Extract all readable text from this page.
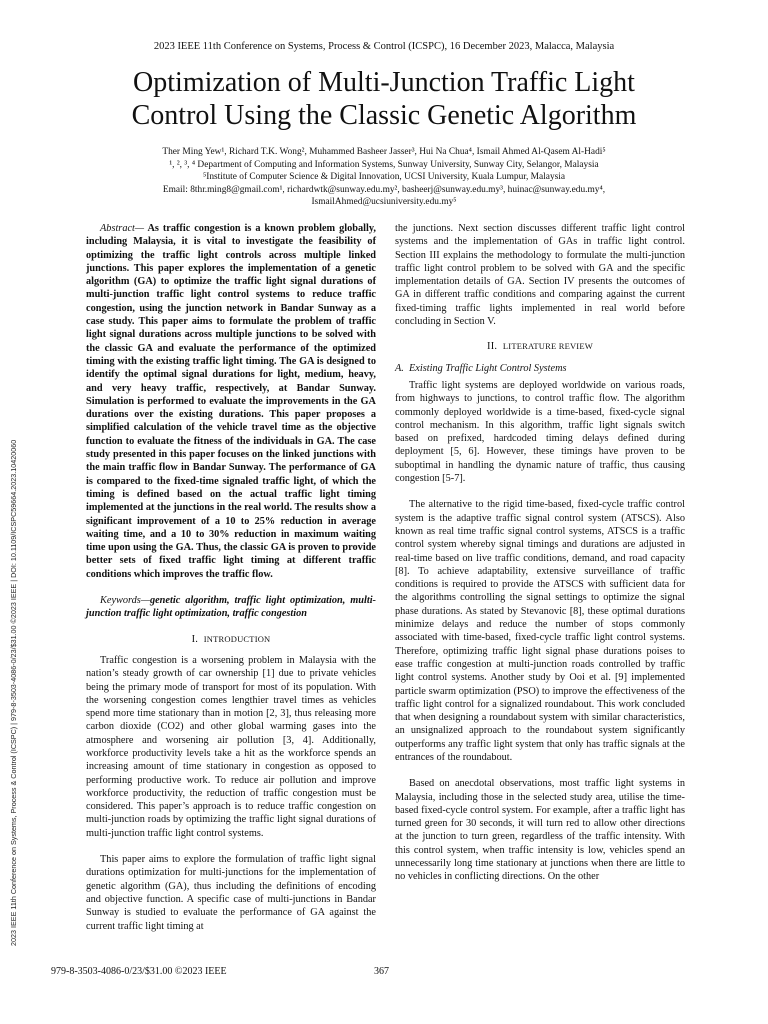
2023 IEEE 11th Conference on Systems, Process & Control (ICSPC), 16 December 2023, Malacca, Malaysia
Optimization of Multi-Junction Traffic Light
Control Using the Classic Genetic Algorithm
Ther Ming Yew¹, Richard T.K. Wong², Muhammed Basheer Jasser³, Hui Na Chua⁴, Ismail Ahmed Al-Qasem Al-Hadi⁵
¹, ², ³, ⁴ Department of Computing and Information Systems, Sunway University, Sunway City, Selangor, Malaysia
⁵Institute of Computer Science & Digital Innovation, UCSI University, Kuala Lumpur, Malaysia
Email: 8thr.ming8@gmail.com¹, richardwtk@sunway.edu.my², basheerj@sunway.edu.my³, huinac@sunway.edu.my⁴,
IsmailAhmed@ucsiuniversity.edu.my⁵
2023 IEEE 11th Conference on Systems, Process & Control (ICSPC) | 979-8-3503-4086-0/23/$31.00 ©2023 IEEE | DOI: 10.1109/ICSPC59664.2023.10420060

Abstract— As traffic congestion is a known problem globally, including Malaysia, it is vital to investigate the feasibility of optimizing the traffic light controls across multiple linked junctions. This paper explores the implementation of a genetic algorithm (GA) to optimize the traffic light signal durations of multi-junction traffic light control systems to reduce traffic congestion, using the junction network in Bandar Sunway as a case study. This paper aims to formulate the problem of traffic light signal durations across multiple junctions to be solved with the classic GA and evaluate the performance of the optimized timing with the existing traffic light timing. The GA is designed to identify the optimal signal durations for light, medium, heavy, and very heavy traffic, respectively, at Bandar Sunway. Simulation is performed to evaluate the improvements in the GA durations over the existing durations. This paper proposes a simplified calculation of the vehicle travel time as the objective function to evaluate the fitness of the individuals in GA. The case study presented in this paper focuses on the linked junctions with the main traffic flow in Bandar Sunway. The performance of GA is compared to the fixed-time signaled traffic light, of which the timing is defined based on the actual traffic light timing implemented at the junctions in the real world. The results show a significant improvement of a 10 to 25% reduction in average waiting time, and a 10 to 30% reduction in maximum waiting time upon using the GA. Thus, the classic GA is proven to provide better sets of fixed traffic light timing at different traffic conditions which improves the traffic flow.

Keywords—genetic algorithm, traffic light optimization, multi-junction traffic light optimization, traffic congestion

I. INTRODUCTION

Traffic congestion is a worsening problem in Malaysia with the nation’s steady growth of car ownership [1] due to private vehicles being the primary mode of transport for most of its population. With the worsening congestion comes lengthier travel times as vehicles spend more time stationary than in motion [2, 3], thus releasing more carbon dioxide (CO2) and other global warming gases into the atmosphere and worsening air pollution [3, 4]. Additionally, workforce productivity levels take a hit as the workforce spends an increasing amount of time stationary in congestion as opposed to performing productive work. To reduce air pollution and improve workforce productivity, the reduction of traffic congestion must be considered. This paper’s approach is to reduce traffic congestion on multi-junction roads by optimizing the traffic light signal durations of multi-junction traffic light control systems.

This paper aims to explore the formulation of traffic light signal durations optimization for multi-junctions for the implementation of genetic algorithm (GA), thus including the definitions of encoding and objective function. A specific case of multi-junctions in Bandar Sunway is studied to evaluate the performance of GA against the current traffic light timing at

the junctions. Next section discusses different traffic light control systems and the implementation of GAs in traffic light control. Section III explains the methodology to formulate the multi-junction traffic light control problem to be solved with GA and the specific implementation details of GA. Section IV presents the outcomes of GA in different traffic conditions and comparing against the current fixed-timing traffic lights implemented in real world before concluding in Section V.

II. LITERATURE REVIEW
A. Existing Traffic Light Control Systems

Traffic light systems are deployed worldwide on various roads, from highways to junctions, to control traffic flow. The algorithm commonly deployed worldwide is a time-based, fixed-cycle signal control mechanism. In this algorithm, traffic light signals switch based on prefixed, hardcoded timing delays defined during deployment [5, 6]. However, these timings have proven to be suboptimal in handling the dynamic nature of traffic, thus causing congestion [5-7].

The alternative to the rigid time-based, fixed-cycle traffic control system is the adaptive traffic signal control system (ATSCS). Also known as real time traffic signal control systems, ATSCS is a traffic control system whereby signal timings and durations are adjusted in real-time based on live traffic conditions, demand, and road capacity [8]. To achieve adaptability, extensive surveillance of traffic conditions is required to provide the ATSCS with sufficient data for the algorithms controlling the signal settings to optimize the signal phase durations. As stated by Stevanovic [8], these optimal durations minimize delays and reduce the number of stops commonly associated with time-based, fixed-cycle traffic light control systems. Therefore, optimizing traffic light signal phase durations poises to ease traffic congestion at multi-junction roads controlled by traffic light control systems. Another study by Ooi et al. [9] implemented particle swarm optimization (PSO) to improve the effectiveness of the traffic light control for a signalized roundabout. This work concluded that when designing a roundabout system with similar characteristics, an unsignalized approach to the roundabout system significantly outperforms any traffic light system that only has traffic signals at the entrances of the roundabout.

Based on anecdotal observations, most traffic light systems in Malaysia, including those in the selected study area, utilise the time-based fixed-cycle control system. For example, after a traffic light has turned green for 30 seconds, it will turn red to allow other directions at the junction to turn green, regardless of the traffic intensity. With this control system, when traffic intensity is low, vehicles spend an unnecessarily long time stationary at junctions when there are little to no vehicles in conflicting directions. On the other

979-8-3503-4086-0/23/$31.00 ©2023 IEEE	367
